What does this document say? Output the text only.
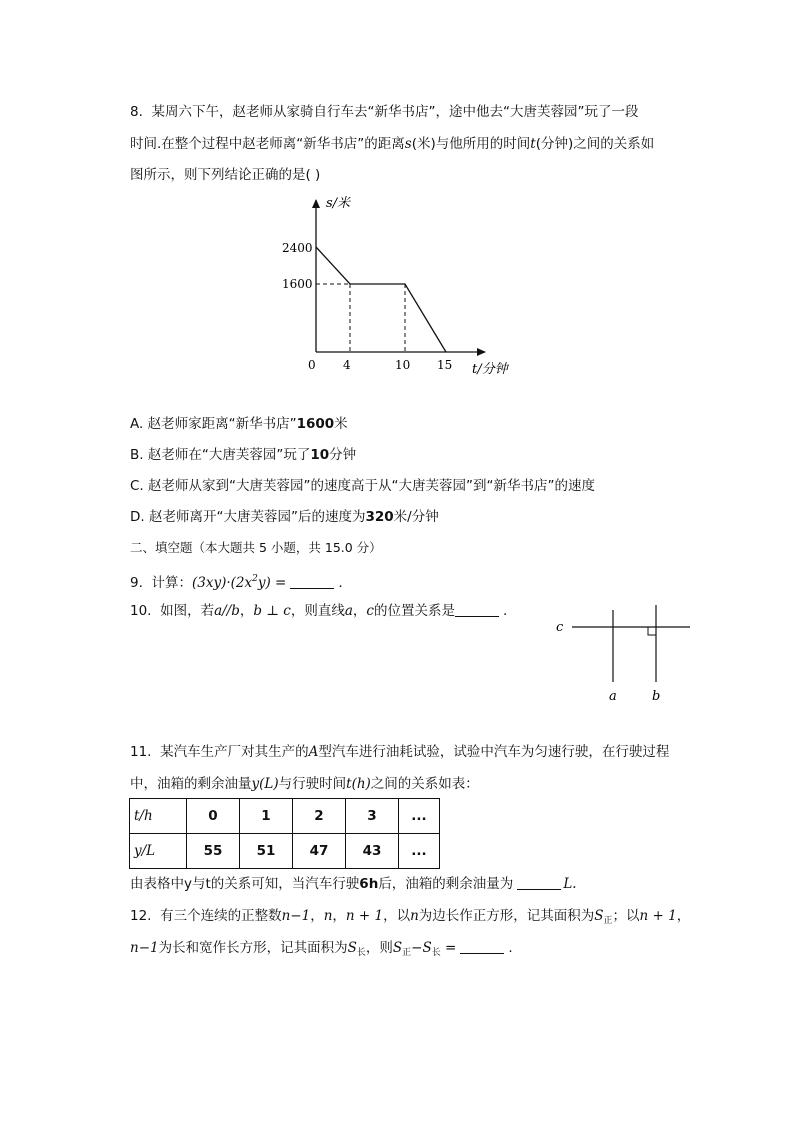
8. 某周六下午，赵老师从家骑自行车去“新华书店”，途中他去“大唐芙蓉园”玩了一段
时间.在整个过程中赵老师离“新华书店”的距离s(米)与他所用的时间t(分钟)之间的关系如
图所示，则下列结论正确的是( )
s/米
t/分钟
0
2400
1600
4	10 15
A. 赵老师家距离“新华书店”1600米
B. 赵老师在“大唐芙蓉园”玩了10分钟
C. 赵老师从家到“大唐芙蓉园”的速度高于从“大唐芙蓉园”到“新华书店”的速度
D. 赵老师离开“大唐芙蓉园”后的速度为320米/分钟
二、填空题（本大题共 5 小题，共 15.0 分）
9. 计算：$(3xy)\cdot(2x^2y)$ =	.
10. 如图，若a//b，b ⊥ c，则直线a，c的位置关系是	.
c
a	b
11. 某汽车生产厂对其生产的A型汽车进行油耗试验，试验中汽车为匀速行驶，在行驶过程
中，油箱的剩余油量y(L)与行驶时间t(h)之间的关系如表：
t/h	0	1	2	3	...
y/L	55	51	47	43	...
由表格中y与t的关系可知，当汽车行驶6h后，油箱的剩余油量为	L.
12. 有三个连续的正整数n−1，n，n + 1，以n为边长作正方形，记其面积为$S_正$；以n + 1，
n−1为长和宽作长方形，记其面积为$S_长$，则$S_正-S_长$ =	.
